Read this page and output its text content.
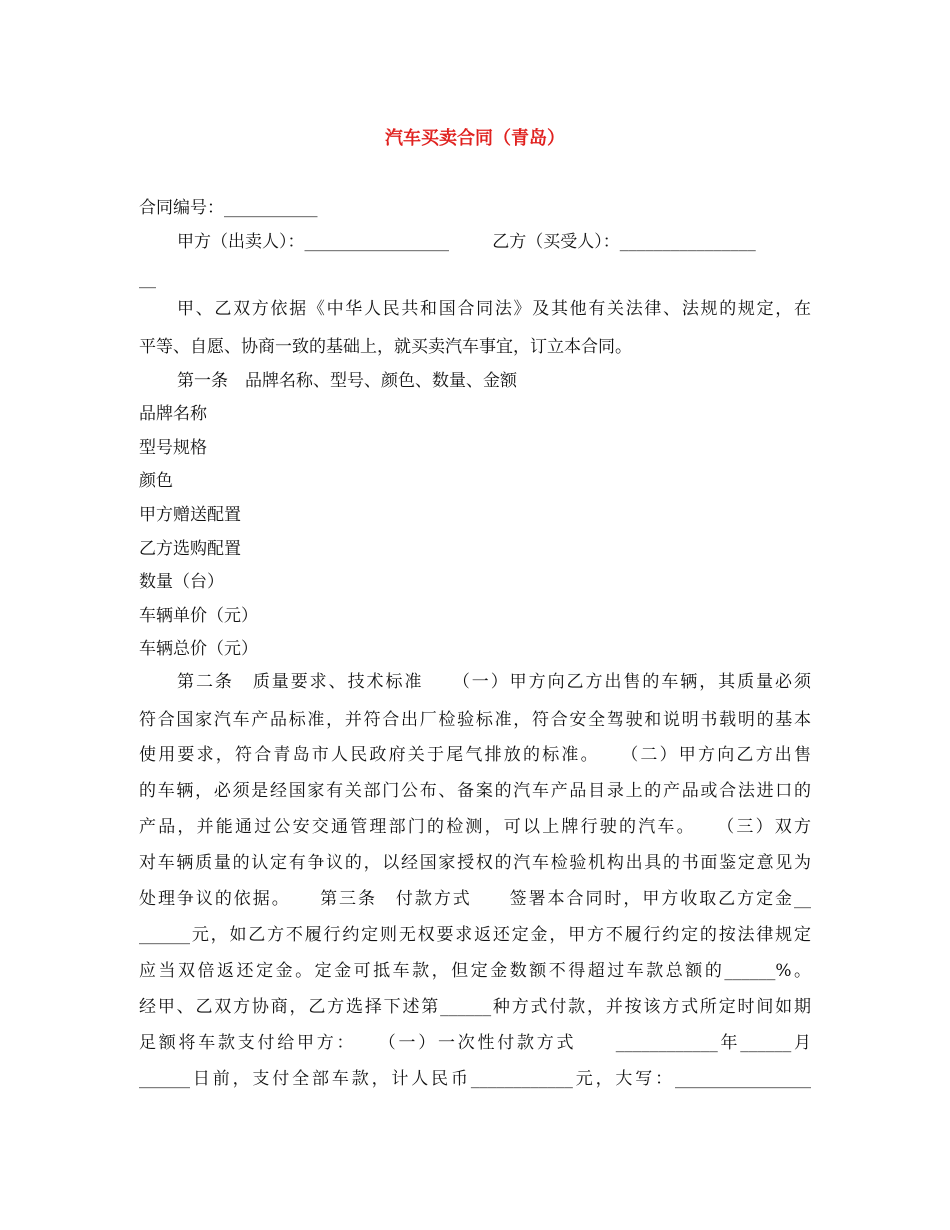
汽车买卖合同（青岛）
合同编号：___________
甲方（出卖人）：_________________        乙方（买受人）：________________
__
甲、乙双方依据《中华人民共和国合同法》及其他有关法律、法规的规定，在
平等、自愿、协商一致的基础上，就买卖汽车事宜，订立本合同。
第一条　品牌名称、型号、颜色、数量、金额
品牌名称
型号规格
颜色
甲方赠送配置
乙方选购配置
数量（台）
车辆单价（元）
车辆总价（元）
第二条　质量要求、技术标准　　（一）甲方向乙方出售的车辆，其质量必须
符合国家汽车产品标准，并符合出厂检验标准，符合安全驾驶和说明书载明的基本
使用要求，符合青岛市人民政府关于尾气排放的标准。　　（二）甲方向乙方出售
的车辆，必须是经国家有关部门公布、备案的汽车产品目录上的产品或合法进口的
产品，并能通过公安交通管理部门的检测，可以上牌行驶的汽车。　　（三）双方
对车辆质量的认定有争议的，以经国家授权的汽车检验机构出具的书面鉴定意见为
处理争议的依据。　　第三条　付款方式　　签署本合同时，甲方收取乙方定金__
______元，如乙方不履行约定则无权要求返还定金，甲方不履行约定的按法律规定
应当双倍返还定金。定金可抵车款，但定金数额不得超过车款总额的______%。
经甲、乙双方协商，乙方选择下述第______种方式付款，并按该方式所定时间如期
足额将车款支付给甲方：　　（一）一次性付款方式　　____________年______月
______日前，支付全部车款，计人民币____________元，大写：________________
